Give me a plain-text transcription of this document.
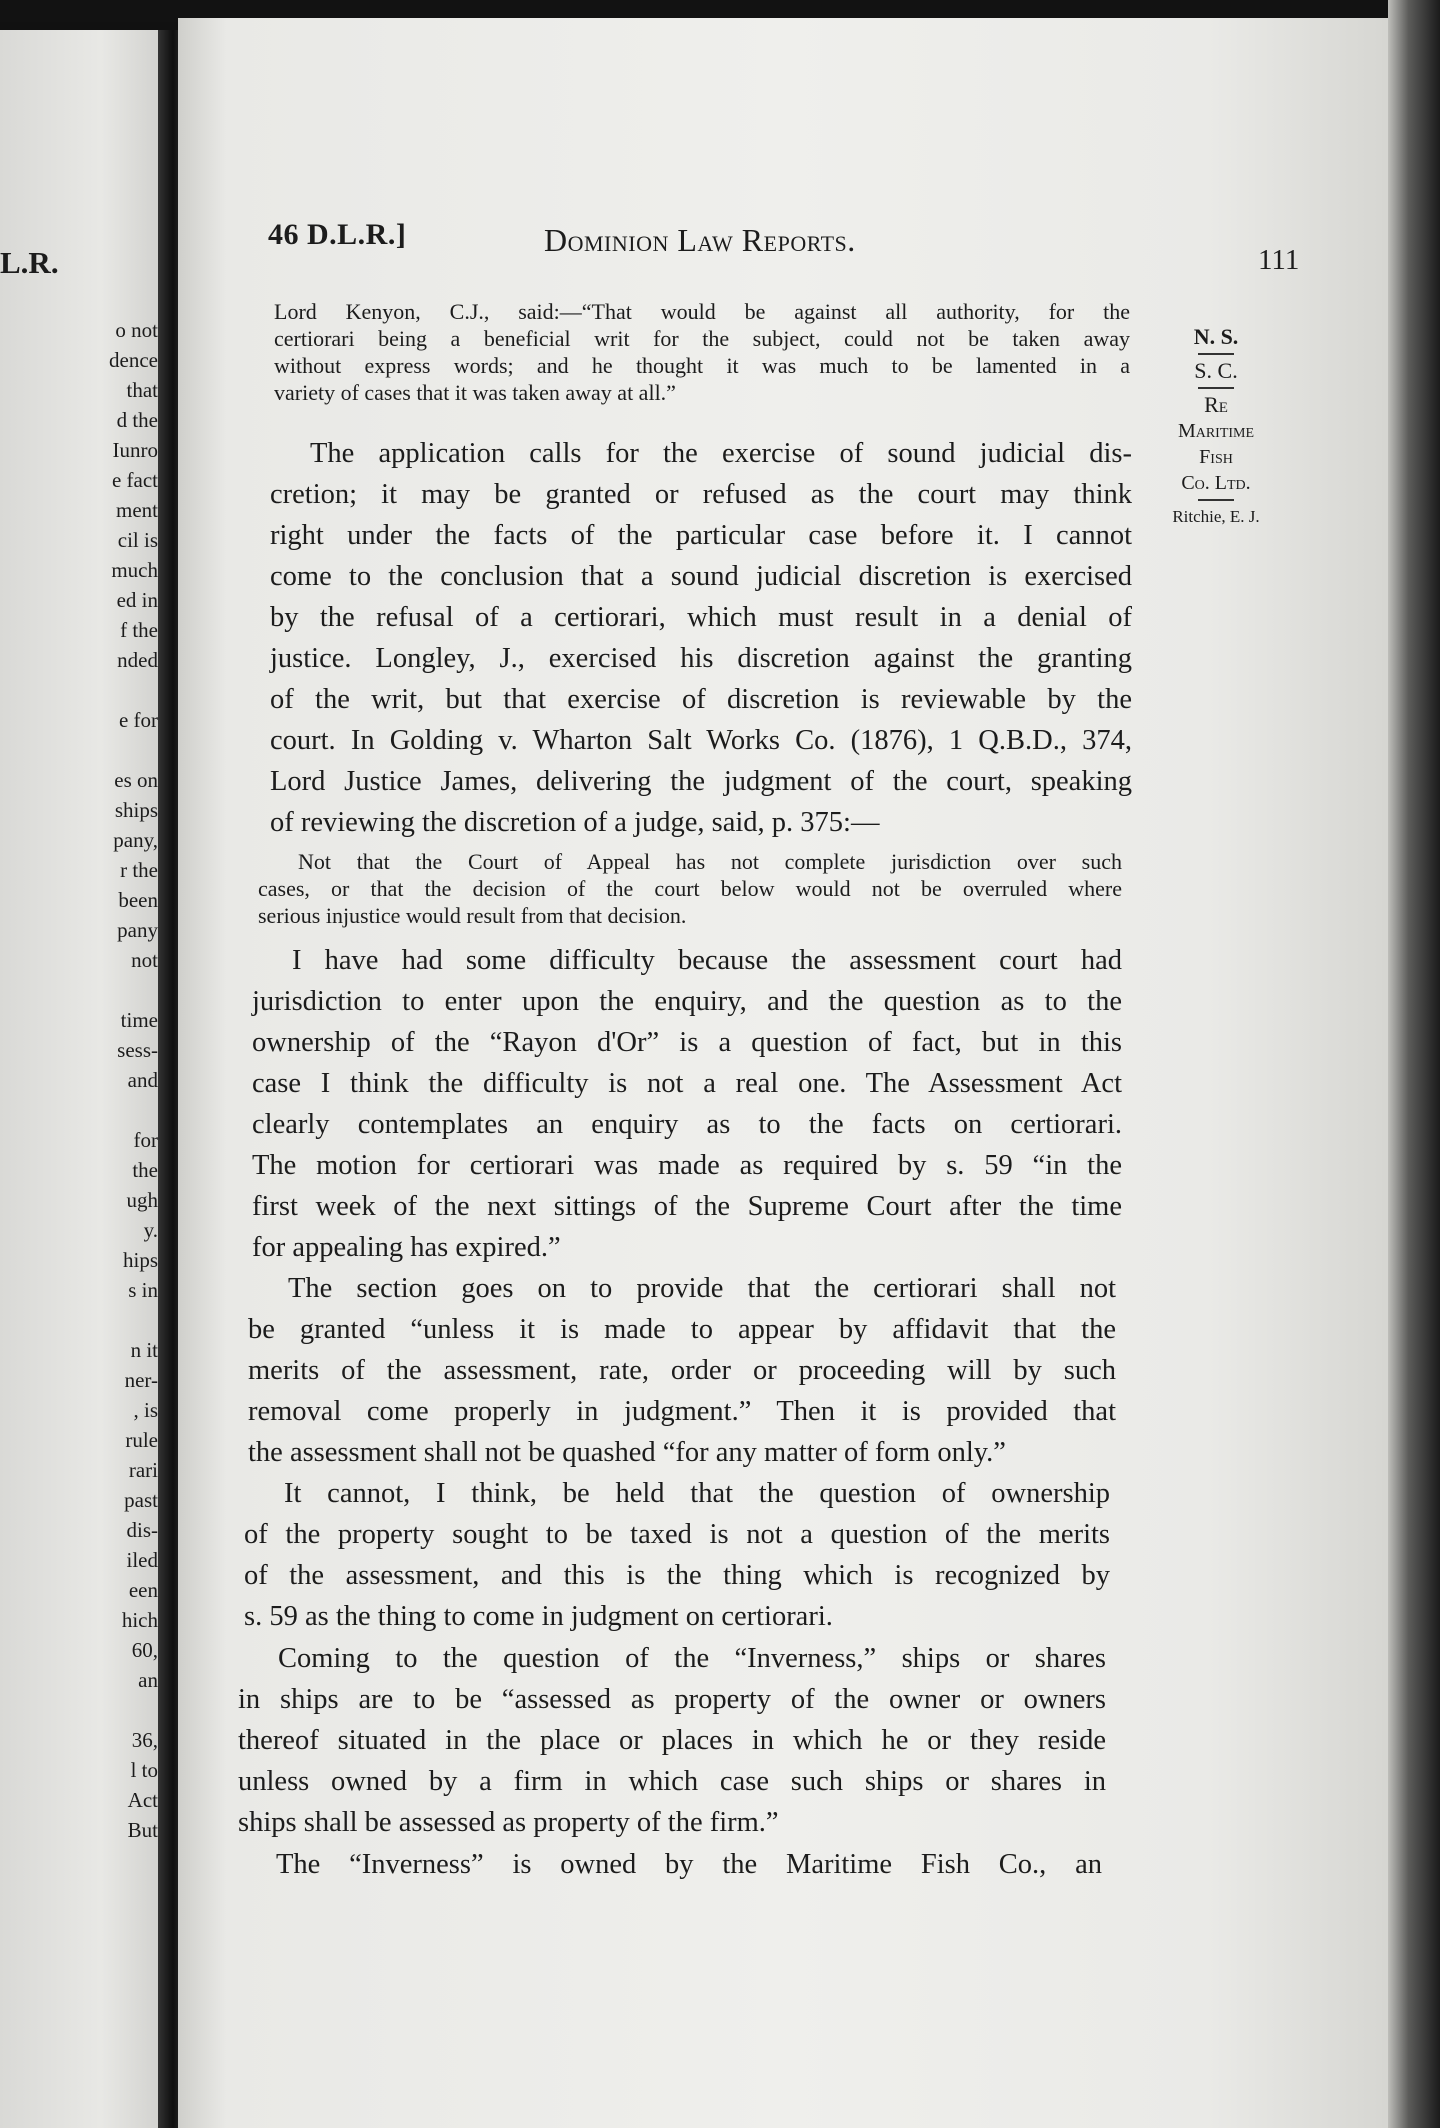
L.R.
o not
dence
that
d the
Iunro
e fact
ment
cil is
much
ed in
f the
nded
e for
es on
ships
pany,
r the
been
pany
not
time
sess-
and
for
the
ugh
y.
hips
s in
n it
ner-
, is
rule
rari
past
dis-
iled
een
hich
60,
an
36,
l to
Act
But
46 D.L.R.]	Dominion Law Reports.
111
N. S.
S. C.
Re
Maritime
Fish
Co. Ltd.
Ritchie, E. J.
Lord Kenyon, C.J., said:—“That would be against all authority, for the
certiorari being a beneficial writ for the subject, could not be taken away
without express words; and he thought it was much to be lamented in a
variety of cases that it was taken away at all.”
The application calls for the exercise of sound judicial dis-
cretion; it may be granted or refused as the court may think
right under the facts of the particular case before it. I cannot
come to the conclusion that a sound judicial discretion is exercised
by the refusal of a certiorari, which must result in a denial of
justice. Longley, J., exercised his discretion against the granting
of the writ, but that exercise of discretion is reviewable by the
court. In Golding v. Wharton Salt Works Co. (1876), 1 Q.B.D., 374,
Lord Justice James, delivering the judgment of the court, speaking
of reviewing the discretion of a judge, said, p. 375:—
Not that the Court of Appeal has not complete jurisdiction over such
cases, or that the decision of the court below would not be overruled where
serious injustice would result from that decision.
I have had some difficulty because the assessment court had
jurisdiction to enter upon the enquiry, and the question as to the
ownership of the “Rayon d'Or” is a question of fact, but in this
case I think the difficulty is not a real one. The Assessment Act
clearly contemplates an enquiry as to the facts on certiorari.
The motion for certiorari was made as required by s. 59 “in the
first week of the next sittings of the Supreme Court after the time
for appealing has expired.”
The section goes on to provide that the certiorari shall not
be granted “unless it is made to appear by affidavit that the
merits of the assessment, rate, order or proceeding will by such
removal come properly in judgment.” Then it is provided that
the assessment shall not be quashed “for any matter of form only.”
It cannot, I think, be held that the question of ownership
of the property sought to be taxed is not a question of the merits
of the assessment, and this is the thing which is recognized by
s. 59 as the thing to come in judgment on certiorari.
Coming to the question of the “Inverness,” ships or shares
in ships are to be “assessed as property of the owner or owners
thereof situated in the place or places in which he or they reside
unless owned by a firm in which case such ships or shares in
ships shall be assessed as property of the firm.”
The “Inverness” is owned by the Maritime Fish Co., an
